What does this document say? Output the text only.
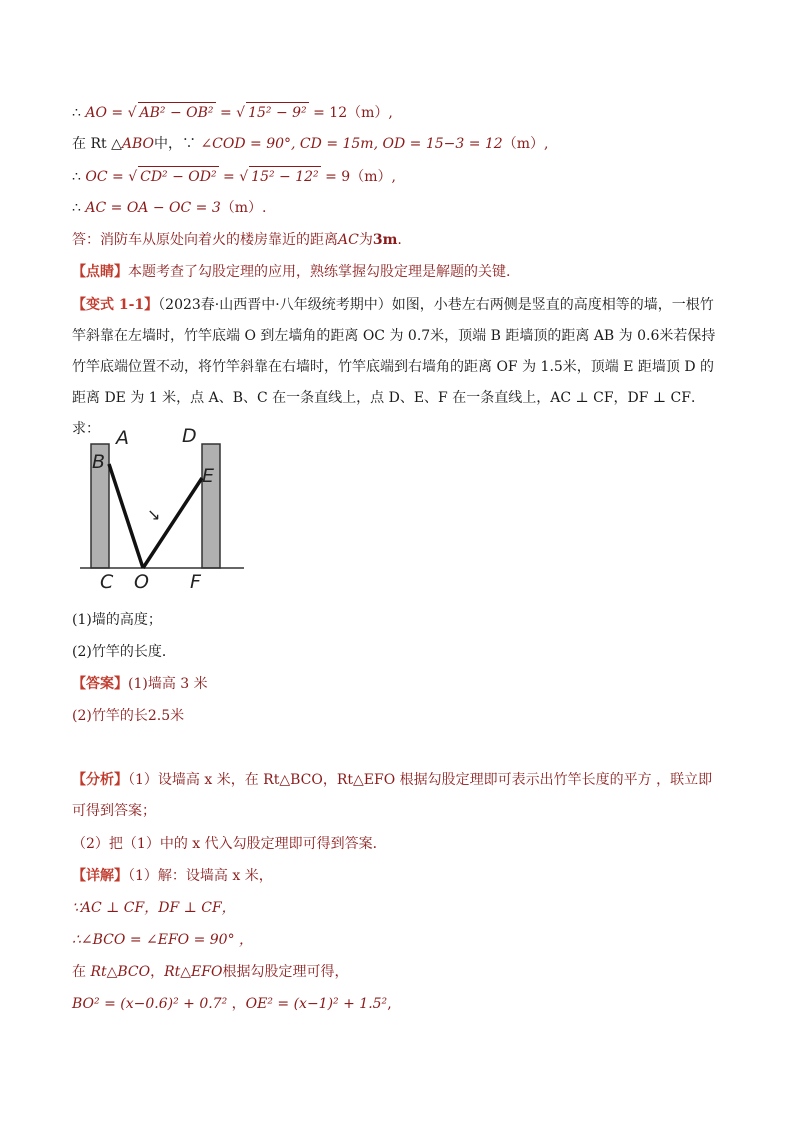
∴ AO = √ AB² − OB² = √ 15² − 9² = 12（m）,
在 Rt △ABO中，∵ ∠COD = 90°, CD = 15m, OD = 15−3 = 12（m）,
∴ OC = √ CD² − OD² = √ 15² − 12² = 9（m）,
∴ AC = OA − OC = 3（m）.
答：消防车从原处向着火的楼房靠近的距离AC为3m.
【点睛】本题考查了勾股定理的应用，熟练掌握勾股定理是解题的关键.
【变式 1-1】（2023春·山西晋中·八年级统考期中）如图，小巷左右两侧是竖直的高度相等的墙，一根竹竿斜靠在左墙时，竹竿底端 O 到左墙角的距离 OC 为 0.7米，顶端 B 距墙顶的距离 AB 为 0.6米若保持竹竿底端位置不动，将竹竿斜靠在右墙时，竹竿底端到右墙角的距离 OF 为 1.5米，顶端 E 距墙顶 D 的距离 DE 为 1 米，点 A、B、C 在一条直线上，点 D、E、F 在一条直线上，AC ⊥ CF，DF ⊥ CF．求：
↘
A
B
C
D
E
F
O
(1)墙的高度；
(2)竹竿的长度．
【答案】(1)墙高 3 米
(2)竹竿的长2.5米
【分析】（1）设墙高 x 米，在 Rt△BCO，Rt△EFO 根据勾股定理即可表示出竹竿长度的平方 ，联立即可得到答案；
（2）把（1）中的 x 代入勾股定理即可得到答案．
【详解】（1）解：设墙高 x 米，
∵AC ⊥ CF，DF ⊥ CF，
∴∠BCO = ∠EFO = 90° ，
在 Rt△BCO，Rt△EFO根据勾股定理可得，
BO² = (x−0.6)² + 0.7² ，OE² = (x−1)² + 1.5²,
